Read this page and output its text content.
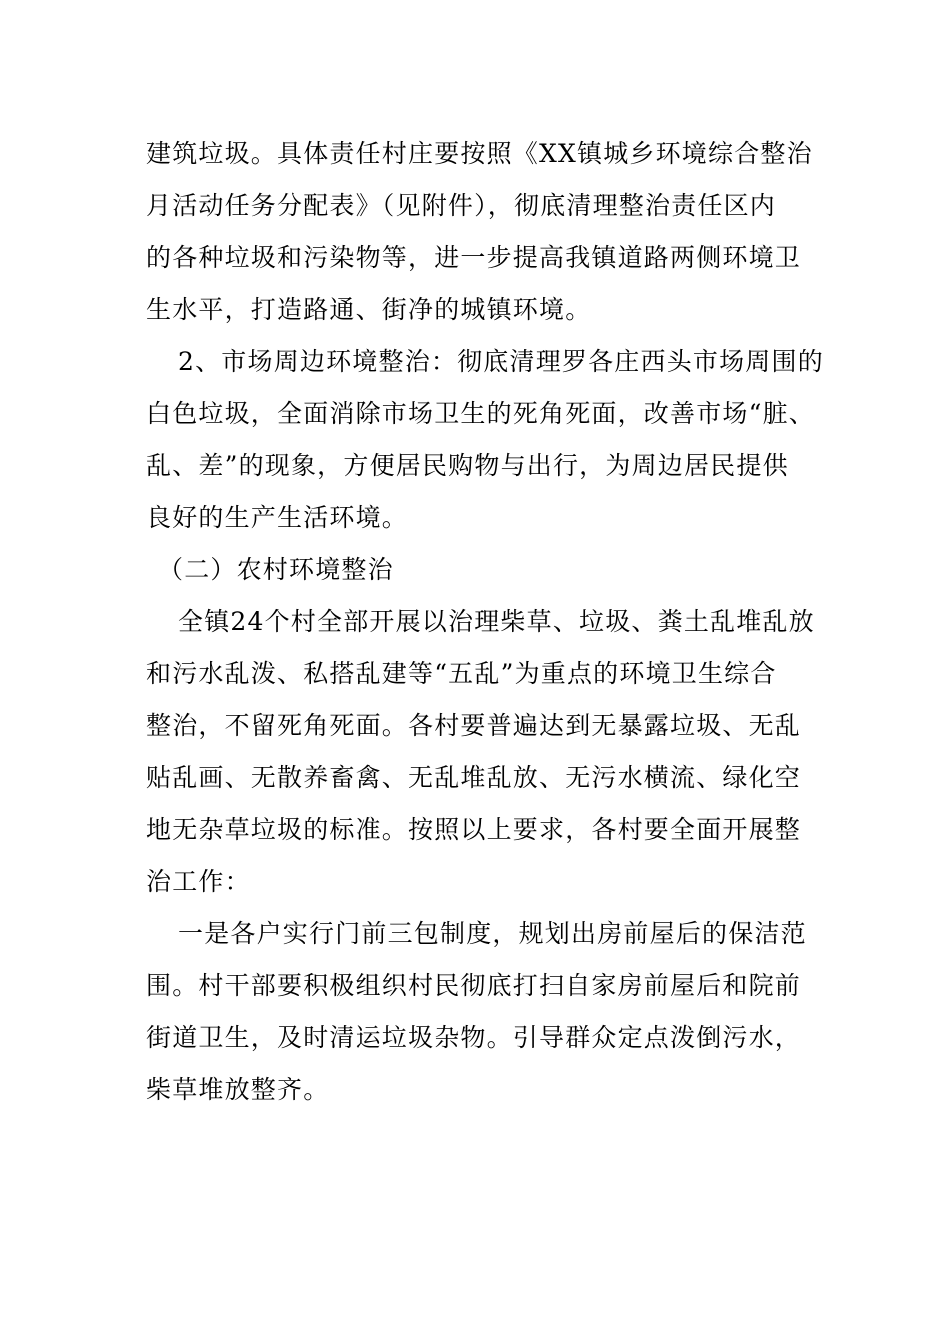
建筑垃圾。具体责任村庄要按照《XX镇城乡环境综合整治
月活动任务分配表》（见附件），彻底清理整治责任区内
的各种垃圾和污染物等，进一步提高我镇道路两侧环境卫
生水平，打造路通、街净的城镇环境。
2、市场周边环境整治：彻底清理罗各庄西头市场周围的
白色垃圾，全面消除市场卫生的死角死面，改善市场“脏、
乱、差”的现象，方便居民购物与出行，为周边居民提供
良好的生产生活环境。
（二）农村环境整治
全镇24个村全部开展以治理柴草、垃圾、粪土乱堆乱放
和污水乱泼、私搭乱建等“五乱”为重点的环境卫生综合
整治，不留死角死面。各村要普遍达到无暴露垃圾、无乱
贴乱画、无散养畜禽、无乱堆乱放、无污水横流、绿化空
地无杂草垃圾的标准。按照以上要求，各村要全面开展整
治工作：
一是各户实行门前三包制度，规划出房前屋后的保洁范
围。村干部要积极组织村民彻底打扫自家房前屋后和院前
街道卫生，及时清运垃圾杂物。引导群众定点泼倒污水，
柴草堆放整齐。
